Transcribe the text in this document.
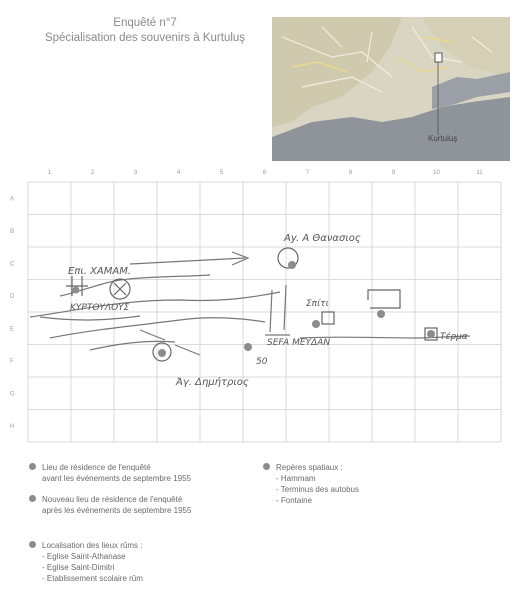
Enquêté n°7
Spécialisation des souvenirs à Kurtuluş
Kurtuluş
1	2	3	4	5	6	7	8	9	10	11
A
B
C
D
E
F
G
H
Ay. A Θανασιος
Επι. ΧΑΜΑΜ.
ΚΥΡΤΟΥΛΟΥΣ	Σπίτι
SEFA ΜΕΥΔΑΝ
50
Τέρμα
Άγ. Δημήτριος
Lieu de résidence de l'enquêté
avant les événements de septembre 1955
Nouveau lieu de résidence de l'enquêté
après les événements de septembre 1955
Localisation des lieux rûms :
- Eglise Saint-Athanase
- Eglise Saint-Dimitri
- Etablissement scolaire rûm
Repères spatiaux :
- Hammam
- Terminus des autobus
- Fontaine
